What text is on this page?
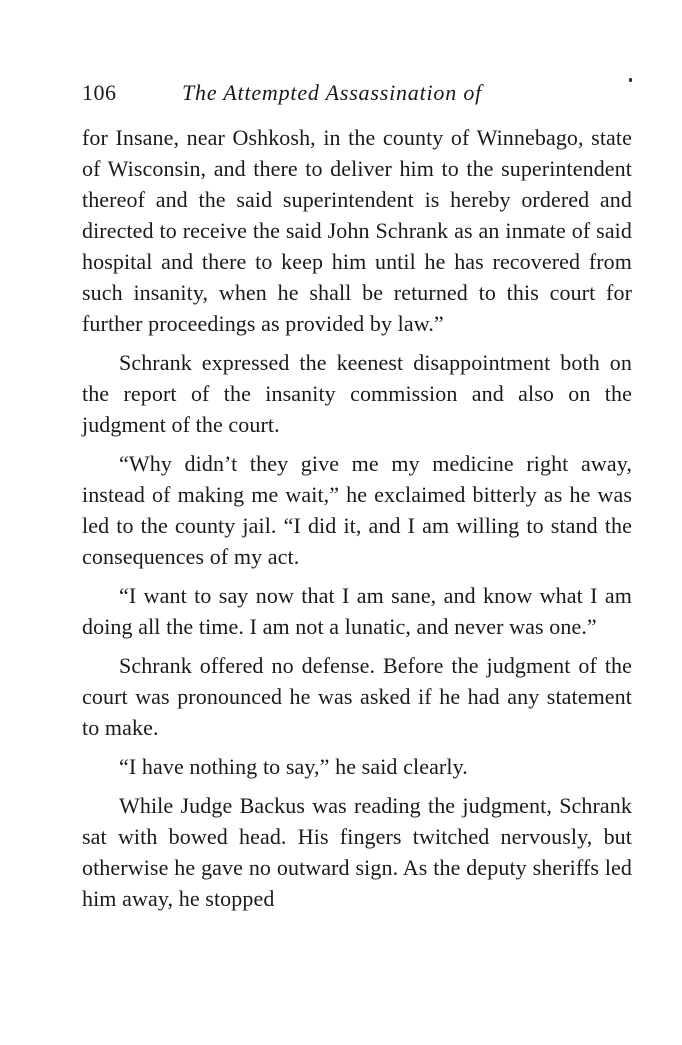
106	The Attempted Assassination of

for Insane, near Oshkosh, in the county of Winnebago, state of Wisconsin, and there to deliver him to the superintendent thereof and the said superintendent is hereby ordered and directed to receive the said John Schrank as an inmate of said hospital and there to keep him until he has recovered from such insanity, when he shall be returned to this court for further proceedings as provided by law.”

Schrank expressed the keenest disappointment both on the report of the insanity commission and also on the judgment of the court.

“Why didn’t they give me my medicine right away, instead of making me wait,” he exclaimed bitterly as he was led to the county jail. “I did it, and I am willing to stand the consequences of my act.

“I want to say now that I am sane, and know what I am doing all the time. I am not a lunatic, and never was one.”

Schrank offered no defense. Before the judgment of the court was pronounced he was asked if he had any statement to make.

“I have nothing to say,” he said clearly.

While Judge Backus was reading the judgment, Schrank sat with bowed head. His fingers twitched nervously, but otherwise he gave no outward sign. As the deputy sheriffs led him away, he stopped
